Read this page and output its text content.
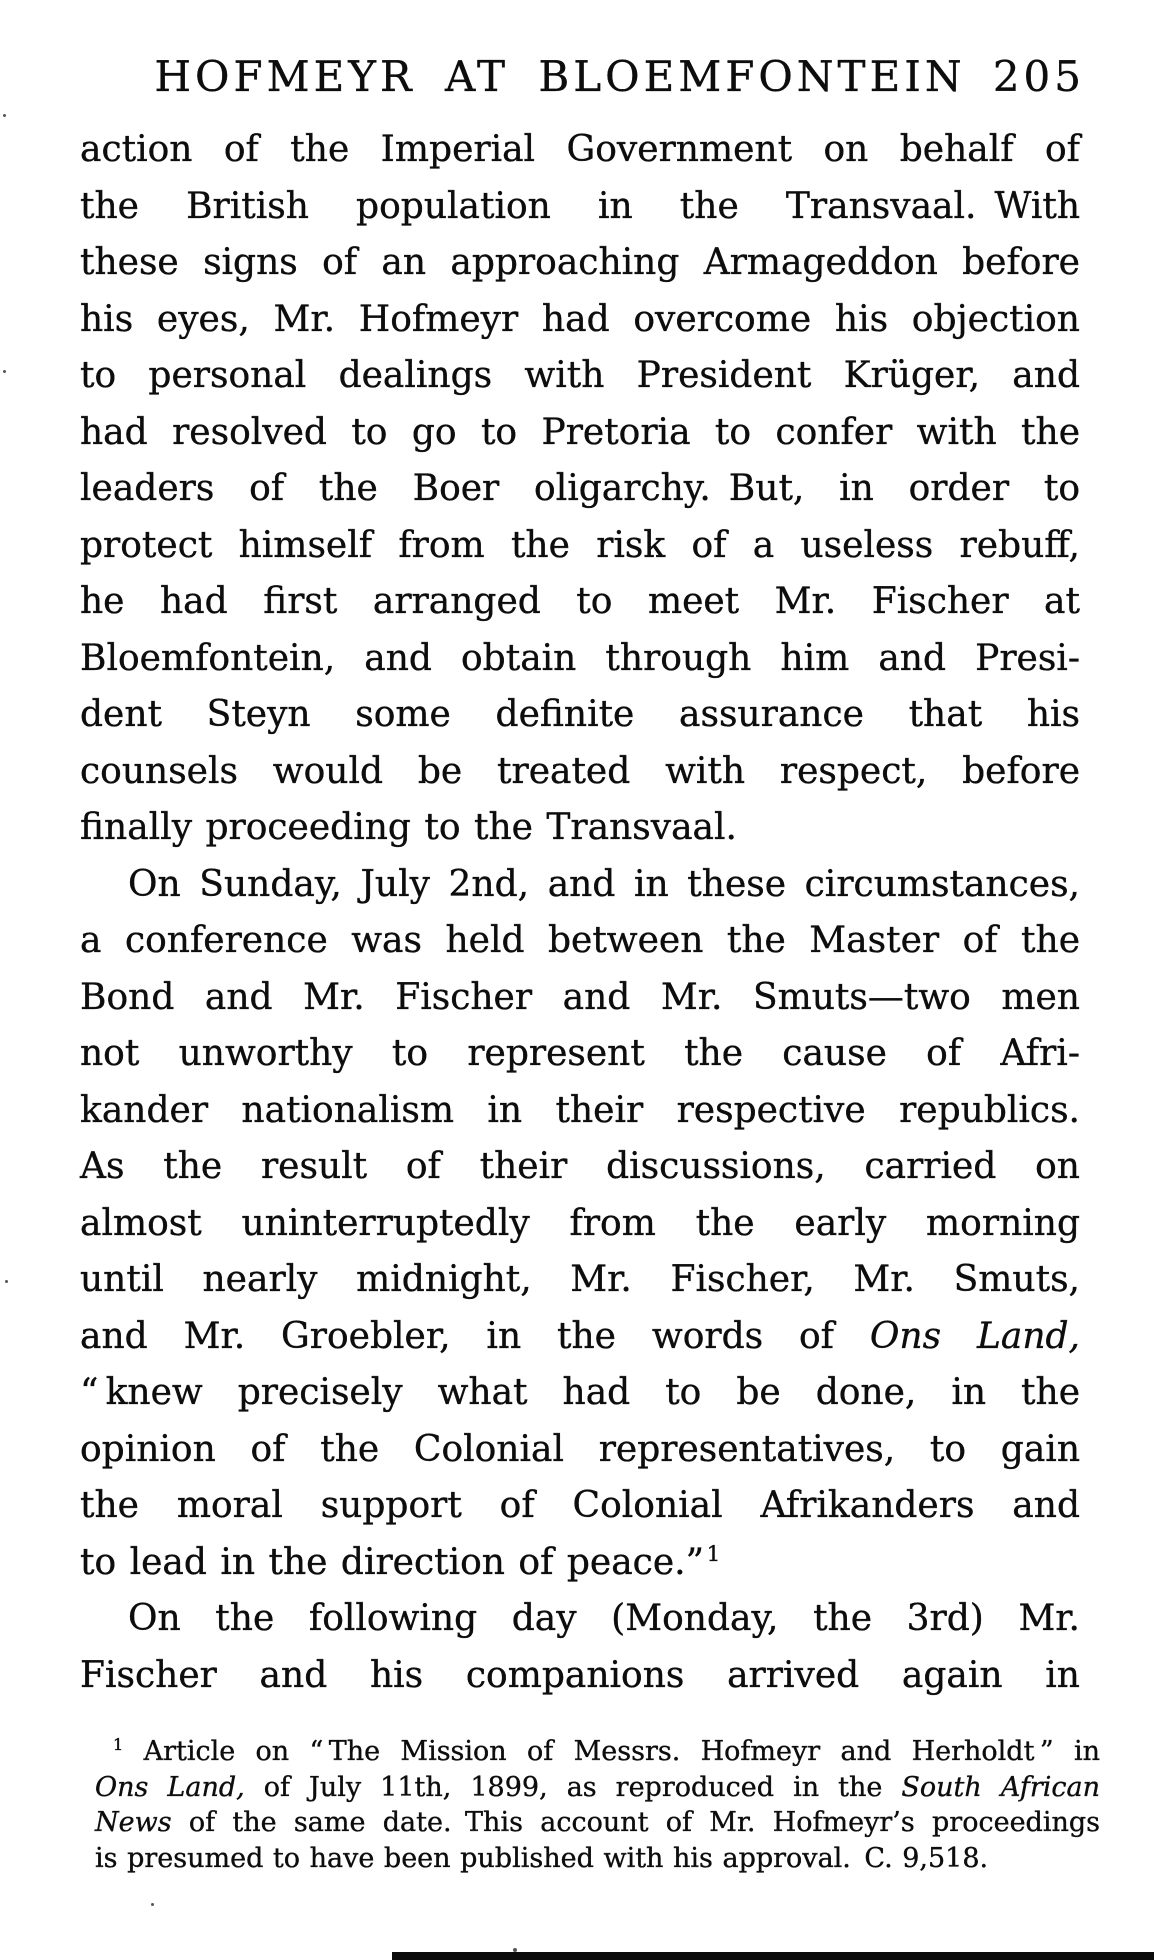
HOFMEYR AT BLOEMFONTEIN 205
action of the Imperial Government on behalf of
the British population in the Transvaal. With
these signs of an approaching Armageddon before
his eyes, Mr. Hofmeyr had overcome his objection
to personal dealings with President Krüger, and
had resolved to go to Pretoria to confer with the
leaders of the Boer oligarchy. But, in order to
protect himself from the risk of a useless rebuff,
he had first arranged to meet Mr. Fischer at
Bloemfontein, and obtain through him and Presi-
dent Steyn some definite assurance that his
counsels would be treated with respect, before
finally proceeding to the Transvaal.
On Sunday, July 2nd, and in these circumstances,
a conference was held between the Master of the
Bond and Mr. Fischer and Mr. Smuts—two men
not unworthy to represent the cause of Afri-
kander nationalism in their respective republics.
As the result of their discussions, carried on
almost uninterruptedly from the early morning
until nearly midnight, Mr. Fischer, Mr. Smuts,
and Mr. Groebler, in the words of Ons Land,
“ knew precisely what had to be done, in the
opinion of the Colonial representatives, to gain
the moral support of Colonial Afrikanders and
to lead in the direction of peace.” $^1$
On the following day (Monday, the 3rd) Mr.
Fischer and his companions arrived again in
$^1$ Article on “ The Mission of Messrs. Hofmeyr and Herholdt ” in
Ons Land, of July 11th, 1899, as reproduced in the South African
News of the same date. This account of Mr. Hofmeyr’s proceedings
is presumed to have been published with his approval. C. 9,518.
